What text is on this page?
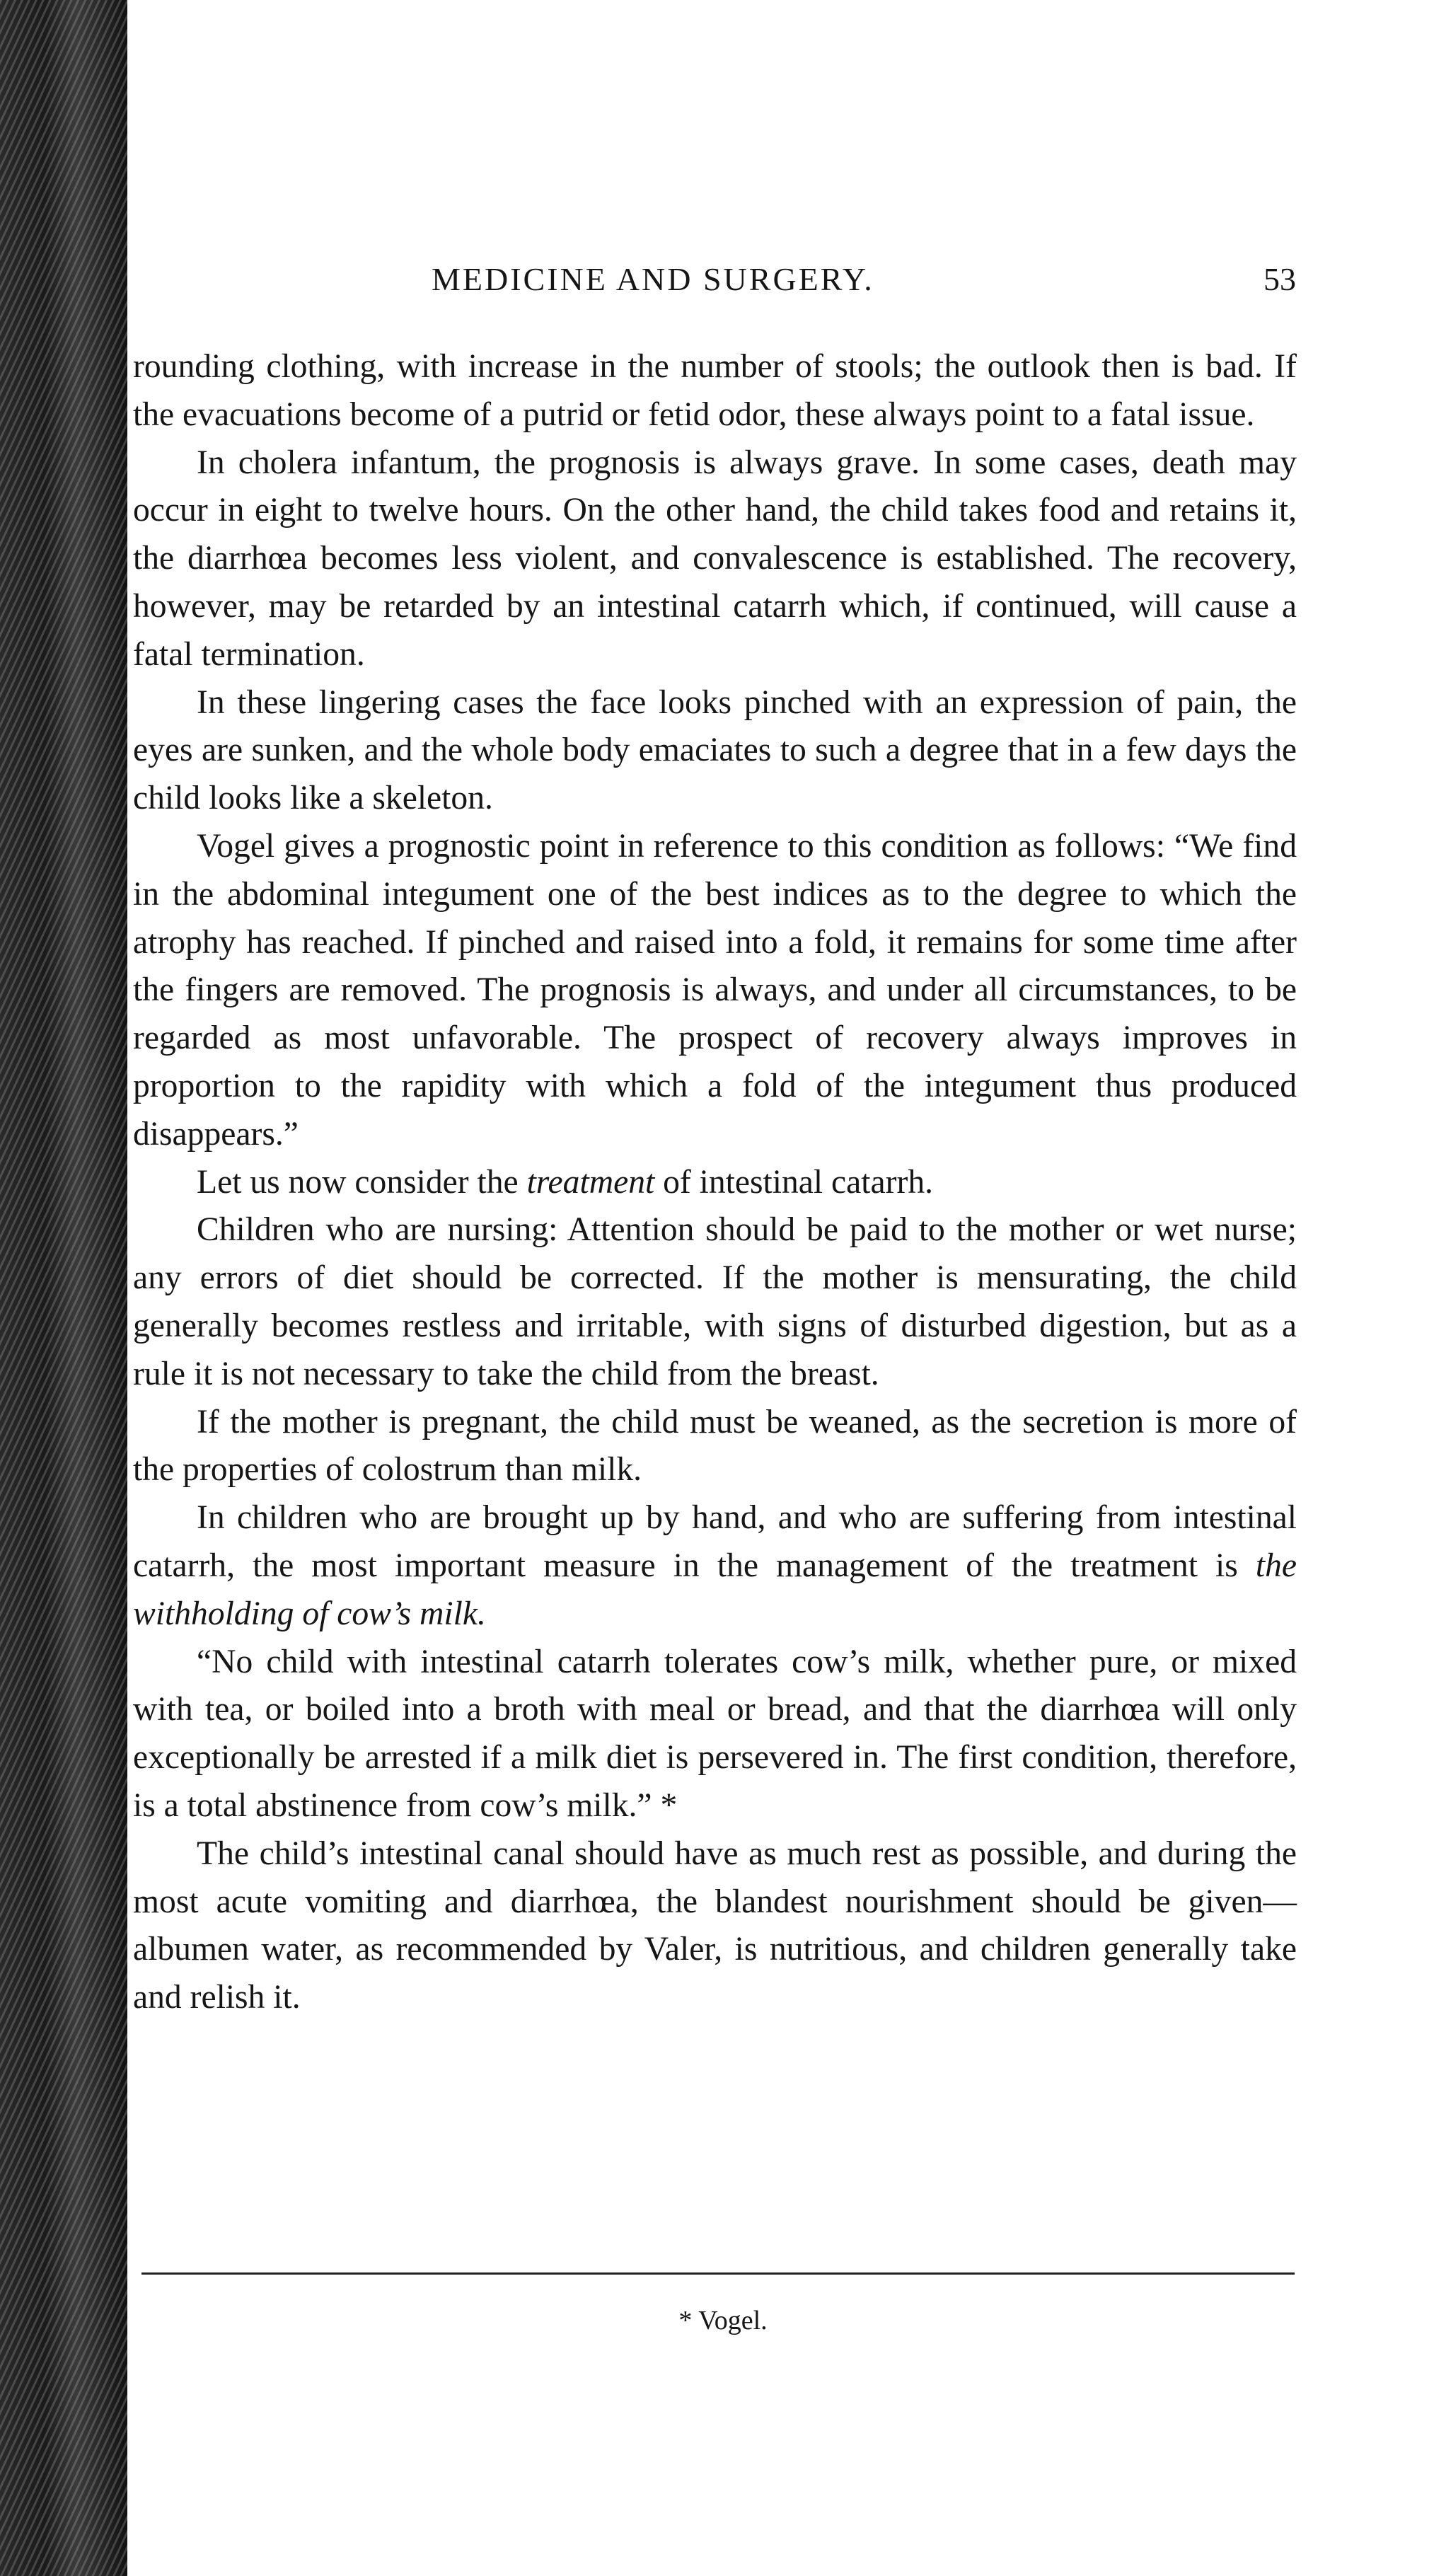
MEDICINE AND SURGERY.	53

rounding clothing, with increase in the number of stools; the outlook then is bad. If the evacuations become of a putrid or fetid odor, these always point to a fatal issue.

In cholera infantum, the prognosis is always grave. In some cases, death may occur in eight to twelve hours. On the other hand, the child takes food and retains it, the diarrhœa becomes less violent, and convalescence is established. The recovery, however, may be retarded by an intestinal catarrh which, if continued, will cause a fatal termination.

In these lingering cases the face looks pinched with an expression of pain, the eyes are sunken, and the whole body emaciates to such a degree that in a few days the child looks like a skeleton.

Vogel gives a prognostic point in reference to this condition as follows: “We find in the abdominal integument one of the best indices as to the degree to which the atrophy has reached. If pinched and raised into a fold, it remains for some time after the fingers are removed. The prognosis is always, and under all circumstances, to be regarded as most unfavorable. The prospect of recovery always improves in proportion to the rapidity with which a fold of the integument thus produced disappears.”

Let us now consider the treatment of intestinal catarrh.

Children who are nursing: Attention should be paid to the mother or wet nurse; any errors of diet should be corrected. If the mother is mensurating, the child generally becomes restless and irritable, with signs of disturbed digestion, but as a rule it is not necessary to take the child from the breast.

If the mother is pregnant, the child must be weaned, as the secretion is more of the properties of colostrum than milk.

In children who are brought up by hand, and who are suffering from intestinal catarrh, the most important measure in the management of the treatment is the withholding of cow’s milk.

“No child with intestinal catarrh tolerates cow’s milk, whether pure, or mixed with tea, or boiled into a broth with meal or bread, and that the diarrhœa will only exceptionally be arrested if a milk diet is persevered in. The first condition, therefore, is a total abstinence from cow’s milk.” *

The child’s intestinal canal should have as much rest as possible, and during the most acute vomiting and diarrhœa, the blandest nourishment should be given—albumen water, as recommended by Valer, is nutritious, and children generally take and relish it.

* Vogel.
